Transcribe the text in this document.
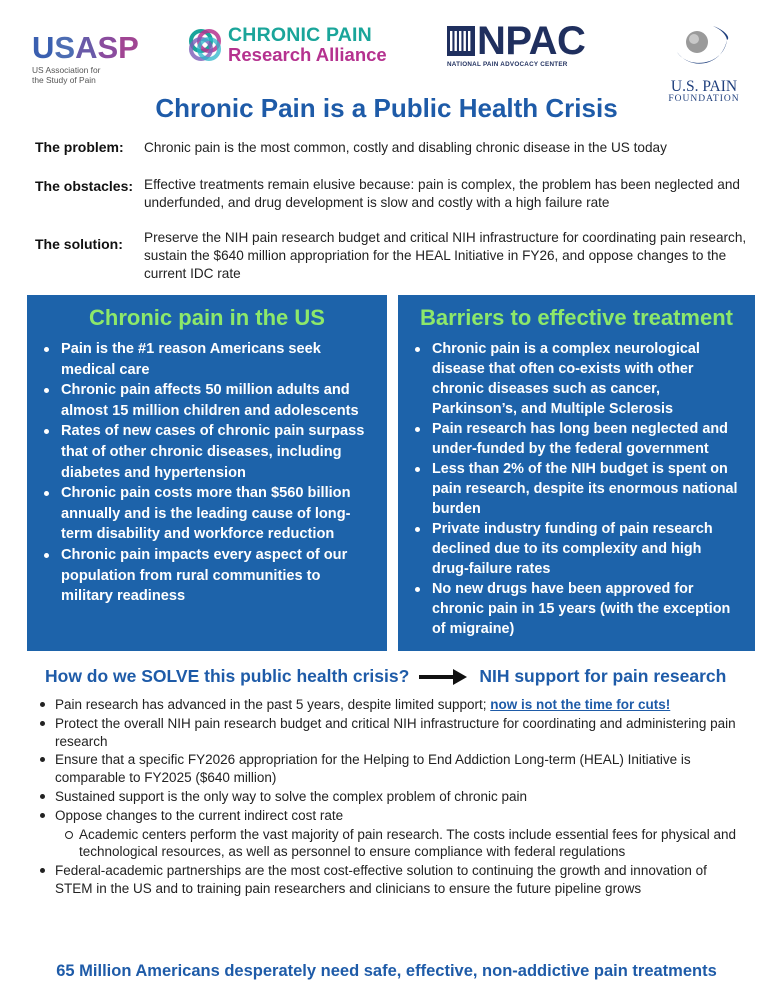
USASP
US Association for
the Study of Pain
CHRONIC PAIN
Research Alliance NPAC
NATIONAL PAIN ADVOCACY CENTER
U.S. PAIN
FOUNDATION
Chronic Pain is a Public Health Crisis
The problem: Chronic pain is the most common, costly and disabling chronic disease in the US today
The obstacles: Effective treatments remain elusive because: pain is complex, the problem has been neglected and underfunded, and drug development is slow and costly with a high failure rate
The solution: Preserve the NIH pain research budget and critical NIH infrastructure for coordinating pain research, sustain the $640 million appropriation for the HEAL Initiative in FY26, and oppose changes to the current IDC rate
Chronic pain in the US
Pain is the #1 reason Americans seek medical care
Chronic pain affects 50 million adults and almost 15 million children and adolescents
Rates of new cases of chronic pain surpass that of other chronic diseases, including diabetes and hypertension
Chronic pain costs more than $560 billion annually and is the leading cause of long-term disability and workforce reduction
Chronic pain impacts every aspect of our population from rural communities to military readiness
Barriers to effective treatment
Chronic pain is a complex neurological disease that often co-exists with other chronic diseases such as cancer, Parkinson’s, and Multiple Sclerosis
Pain research has long been neglected and under-funded by the federal government
Less than 2% of the NIH budget is spent on pain research, despite its enormous national burden
Private industry funding of pain research declined due to its complexity and high drug-failure rates
No new drugs have been approved for chronic pain in 15 years (with the exception of migraine)
How do we SOLVE this public health crisis?	NIH support for pain research
Pain research has advanced in the past 5 years, despite limited support; now is not the time for cuts!
Protect the overall NIH pain research budget and critical NIH infrastructure for coordinating and administering pain research
Ensure that a specific FY2026 appropriation for the Helping to End Addiction Long-term (HEAL) Initiative is comparable to FY2025 ($640 million)
Sustained support is the only way to solve the complex problem of chronic pain
Oppose changes to the current indirect cost rate
Academic centers perform the vast majority of pain research. The costs include essential fees for physical and technological resources, as well as personnel to ensure compliance with federal regulations
Federal-academic partnerships are the most cost-effective solution to continuing the growth and innovation of STEM in the US and to training pain researchers and clinicians to ensure the future pipeline grows
65 Million Americans desperately need safe, effective, non-addictive pain treatments
